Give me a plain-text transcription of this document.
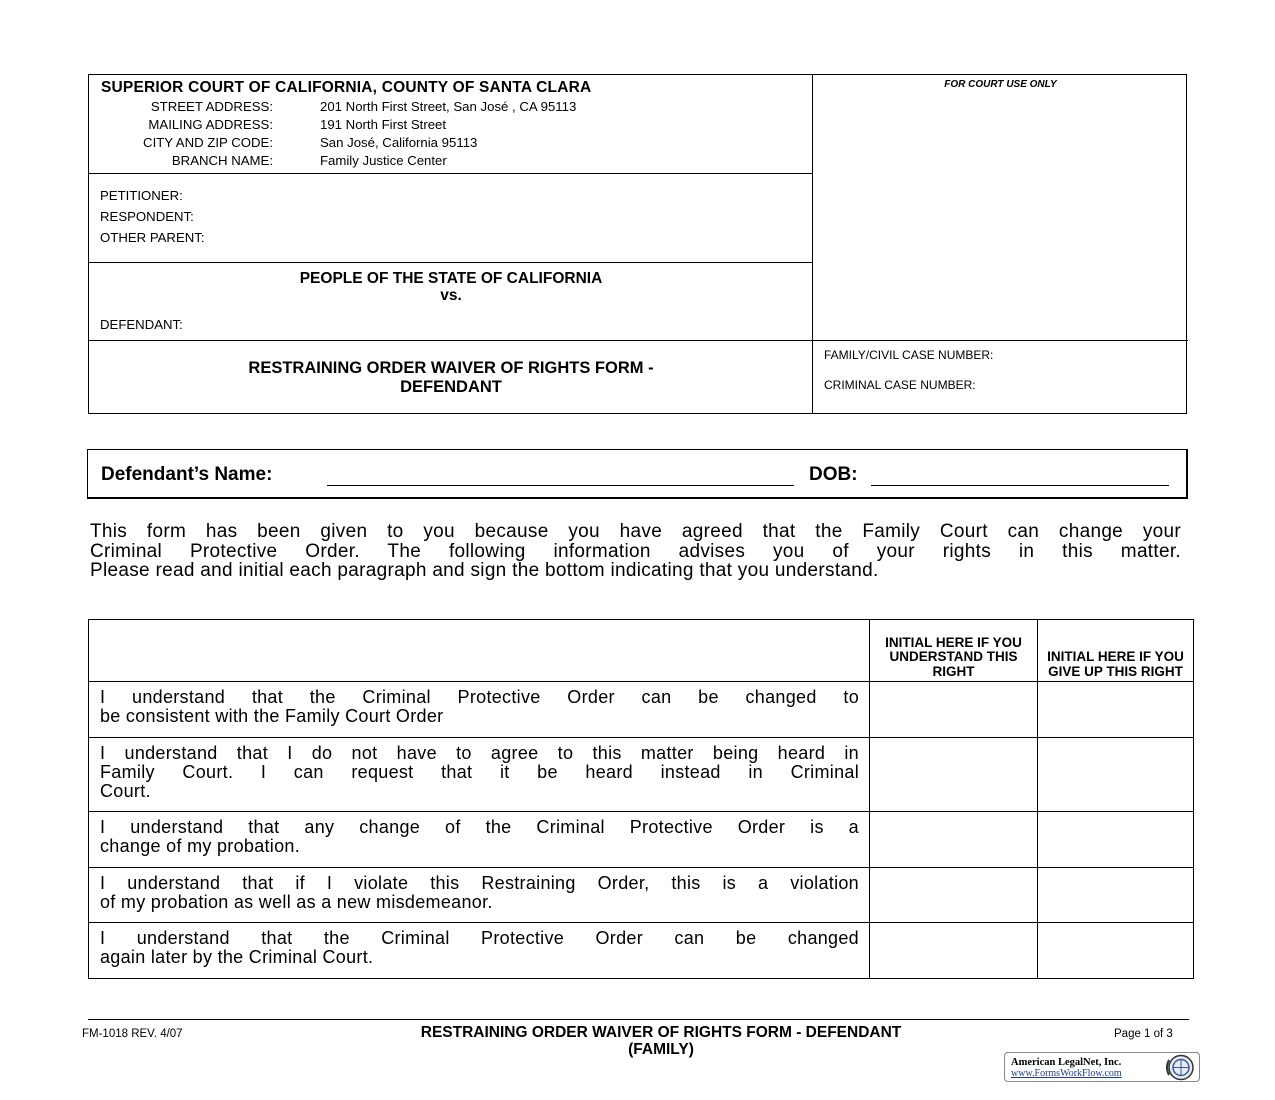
SUPERIOR COURT OF CALIFORNIA, COUNTY OF SANTA CLARA
STREET ADDRESS:	201 North First Street, San José , CA 95113
MAILING ADDRESS:	191 North First Street
CITY AND ZIP CODE:	San José, California 95113
BRANCH NAME:	Family Justice Center
PETITIONER:
RESPONDENT:
OTHER PARENT:
PEOPLE OF THE STATE OF CALIFORNIA
vs.
DEFENDANT:
RESTRAINING ORDER WAIVER OF RIGHTS FORM -
DEFENDANT
FOR COURT USE ONLY
FAMILY/CIVIL CASE NUMBER:
CRIMINAL CASE NUMBER:
Defendant’s Name:	DOB:
This form has been given to you because you have agreed that the Family Court can change your
Criminal Protective Order. The following information advises you of your rights in this matter.
Please read and initial each paragraph and sign the bottom indicating that you understand.
	INITIAL HERE IF YOU UNDERSTAND THIS RIGHT	INITIAL HERE IF YOU GIVE UP THIS RIGHT

I understand that the Criminal Protective Order can be changed to
be consistent with the Family Court Order		

I understand that I do not have to agree to this matter being heard in
Family Court. I can request that it be heard instead in Criminal
Court.		

I understand that any change of the Criminal Protective Order is a
change of my probation.		

I understand that if I violate this Restraining Order, this is a violation
of my probation as well as a new misdemeanor.		

I understand that the Criminal Protective Order can be changed
again later by the Criminal Court.		

FM-1018 REV. 4/07	RESTRAINING ORDER WAIVER OF RIGHTS FORM - DEFENDANT
(FAMILY)
Page 1 of 3
American LegalNet, Inc.
www.FormsWorkFlow.com
